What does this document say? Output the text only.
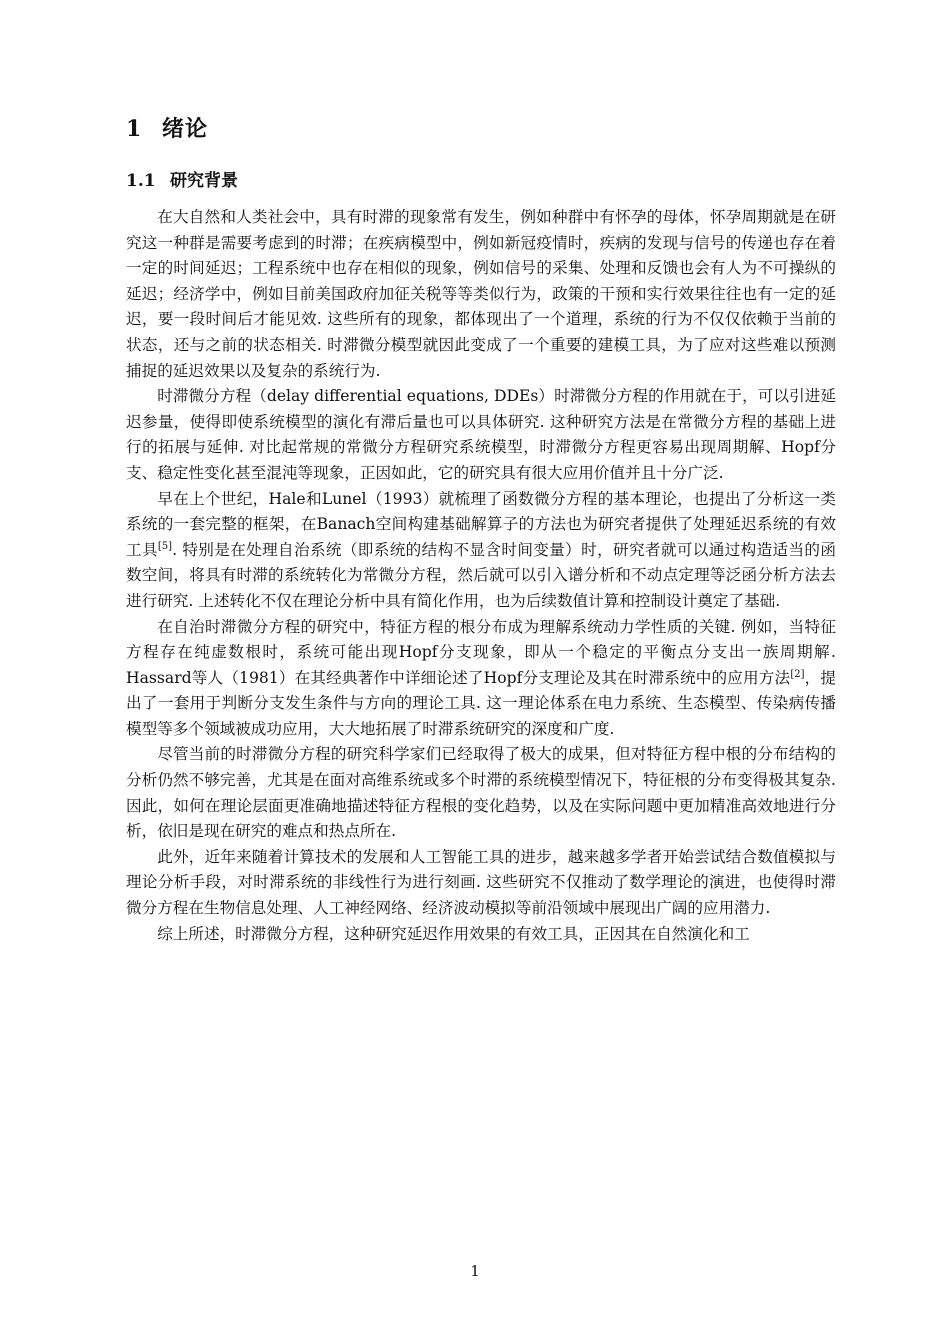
1 绪论
1.1 研究背景

在大自然和人类社会中，具有时滞的现象常有发生，例如种群中有怀孕的母体，怀孕周期就是在研究这一种群是需要考虑到的时滞；在疾病模型中，例如新冠疫情时，疾病的发现与信号的传递也存在着一定的时间延迟；工程系统中也存在相似的现象，例如信号的采集、处理和反馈也会有人为不可操纵的延迟；经济学中，例如目前美国政府加征关税等等类似行为，政策的干预和实行效果往往也有一定的延迟，要一段时间后才能见效. 这些所有的现象，都体现出了一个道理，系统的行为不仅仅依赖于当前的状态，还与之前的状态相关. 时滞微分模型就因此变成了一个重要的建模工具，为了应对这些难以预测捕捉的延迟效果以及复杂的系统行为.

时滞微分方程（delay differential equations, DDEs）时滞微分方程的作用就在于，可以引进延迟参量，使得即使系统模型的演化有滞后量也可以具体研究. 这种研究方法是在常微分方程的基础上进行的拓展与延伸. 对比起常规的常微分方程研究系统模型，时滞微分方程更容易出现周期解、Hopf分支、稳定性变化甚至混沌等现象，正因如此，它的研究具有很大应用价值并且十分广泛.

早在上个世纪，Hale和Lunel（1993）就梳理了函数微分方程的基本理论，也提出了分析这一类系统的一套完整的框架，在Banach空间构建基础解算子的方法也为研究者提供了处理延迟系统的有效工具[5]. 特别是在处理自治系统（即系统的结构不显含时间变量）时，研究者就可以通过构造适当的函数空间，将具有时滞的系统转化为常微分方程，然后就可以引入谱分析和不动点定理等泛函分析方法去进行研究. 上述转化不仅在理论分析中具有简化作用，也为后续数值计算和控制设计奠定了基础.

在自治时滞微分方程的研究中，特征方程的根分布成为理解系统动力学性质的关键. 例如，当特征方程存在纯虚数根时，系统可能出现Hopf分支现象，即从一个稳定的平衡点分支出一族周期解. Hassard等人（1981）在其经典著作中详细论述了Hopf分支理论及其在时滞系统中的应用方法[2]，提出了一套用于判断分支发生条件与方向的理论工具. 这一理论体系在电力系统、生态模型、传染病传播模型等多个领域被成功应用，大大地拓展了时滞系统研究的深度和广度.

尽管当前的时滞微分方程的研究科学家们已经取得了极大的成果，但对特征方程中根的分布结构的分析仍然不够完善，尤其是在面对高维系统或多个时滞的系统模型情况下，特征根的分布变得极其复杂. 因此，如何在理论层面更准确地描述特征方程根的变化趋势，以及在实际问题中更加精准高效地进行分析，依旧是现在研究的难点和热点所在.

此外，近年来随着计算技术的发展和人工智能工具的进步，越来越多学者开始尝试结合数值模拟与理论分析手段，对时滞系统的非线性行为进行刻画. 这些研究不仅推动了数学理论的演进，也使得时滞微分方程在生物信息处理、人工神经网络、经济波动模拟等前沿领域中展现出广阔的应用潜力.

综上所述，时滞微分方程，这种研究延迟作用效果的有效工具，正因其在自然演化和工

1
